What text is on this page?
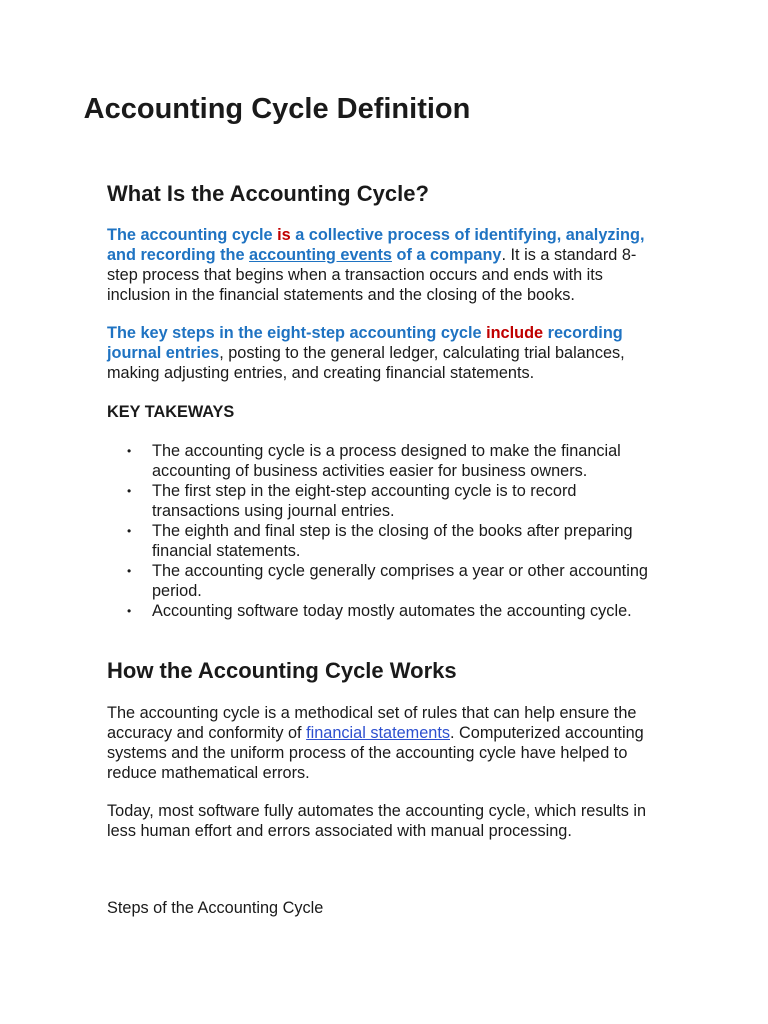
Accounting Cycle Definition
What Is the Accounting Cycle?

The accounting cycle is a collective process of identifying, analyzing, and recording the accounting events of a company. It is a standard 8-step process that begins when a transaction occurs and ends with its inclusion in the financial statements and the closing of the books.

The key steps in the eight-step accounting cycle include recording journal entries, posting to the general ledger, calculating trial balances, making adjusting entries, and creating financial statements.

KEY TAKEWAYS

• The accounting cycle is a process designed to make the financial accounting of business activities easier for business owners.
• The first step in the eight-step accounting cycle is to record transactions using journal entries.
• The eighth and final step is the closing of the books after preparing financial statements.
• The accounting cycle generally comprises a year or other accounting period.
• Accounting software today mostly automates the accounting cycle.
How the Accounting Cycle Works

The accounting cycle is a methodical set of rules that can help ensure the accuracy and conformity of financial statements. Computerized accounting systems and the uniform process of the accounting cycle have helped to reduce mathematical errors.

Today, most software fully automates the accounting cycle, which results in less human effort and errors associated with manual processing.

Steps of the Accounting Cycle
